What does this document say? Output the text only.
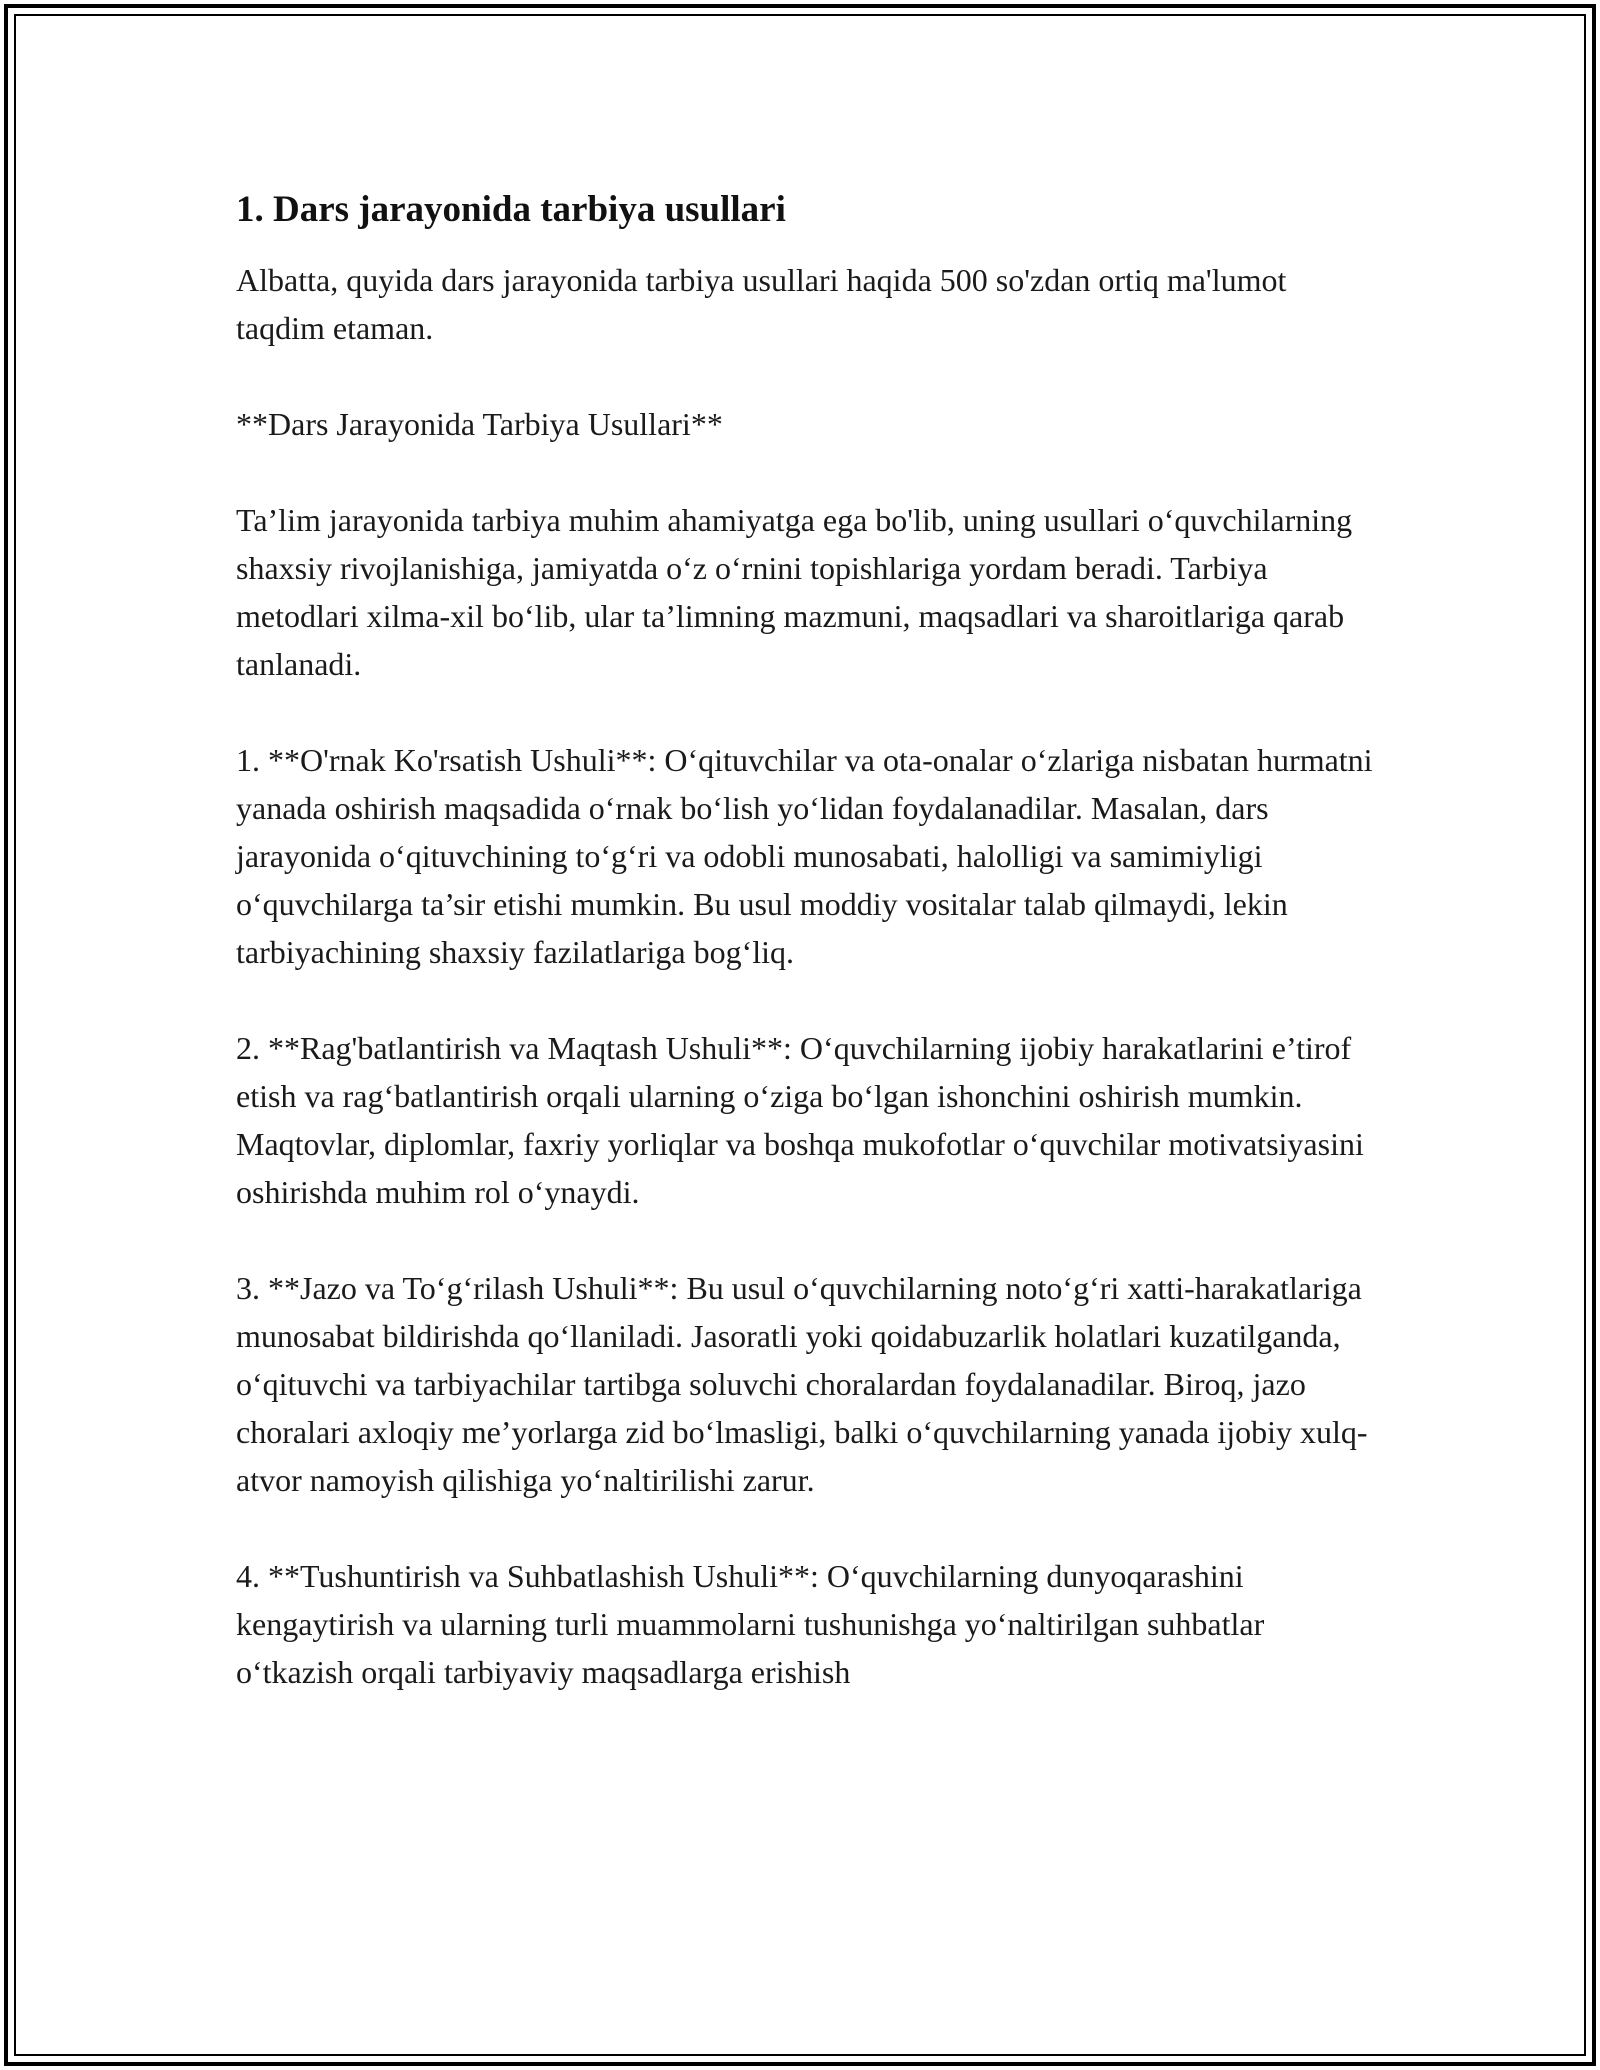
1. Dars jarayonida tarbiya usullari

Albatta, quyida dars jarayonida tarbiya usullari haqida 500 so'zdan ortiq ma'lumot taqdim etaman.

**Dars Jarayonida Tarbiya Usullari**

Ta’lim jarayonida tarbiya muhim ahamiyatga ega bo'lib, uning usullari o‘quvchilarning shaxsiy rivojlanishiga, jamiyatda o‘z o‘rnini topishlariga yordam beradi. Tarbiya metodlari xilma-xil bo‘lib, ular ta’limning mazmuni, maqsadlari va sharoitlariga qarab tanlanadi.

1. **O'rnak Ko'rsatish Ushuli**: O‘qituvchilar va ota-onalar o‘zlariga nisbatan hurmatni yanada oshirish maqsadida o‘rnak bo‘lish yo‘lidan foydalanadilar. Masalan, dars jarayonida o‘qituvchining to‘g‘ri va odobli munosabati, halolligi va samimiyligi o‘quvchilarga ta’sir etishi mumkin. Bu usul moddiy vositalar talab qilmaydi, lekin tarbiyachining shaxsiy fazilatlariga bog‘liq.

2. **Rag'batlantirish va Maqtash Ushuli**: O‘quvchilarning ijobiy harakatlarini e’tirof etish va rag‘batlantirish orqali ularning o‘ziga bo‘lgan ishonchini oshirish mumkin. Maqtovlar, diplomlar, faxriy yorliqlar va boshqa mukofotlar o‘quvchilar motivatsiyasini oshirishda muhim rol o‘ynaydi.

3. **Jazo va To‘g‘rilash Ushuli**: Bu usul o‘quvchilarning noto‘g‘ri xatti-harakatlariga munosabat bildirishda qo‘llaniladi. Jasoratli yoki qoidabuzarlik holatlari kuzatilganda, o‘qituvchi va tarbiyachilar tartibga soluvchi choralardan foydalanadilar. Biroq, jazo choralari axloqiy me’yorlarga zid bo‘lmasligi, balki o‘quvchilarning yanada ijobiy xulq-atvor namoyish qilishiga yo‘naltirilishi zarur.

4. **Tushuntirish va Suhbatlashish Ushuli**: O‘quvchilarning dunyoqarashini kengaytirish va ularning turli muammolarni tushunishga yo‘naltirilgan suhbatlar o‘tkazish orqali tarbiyaviy maqsadlarga erishish
